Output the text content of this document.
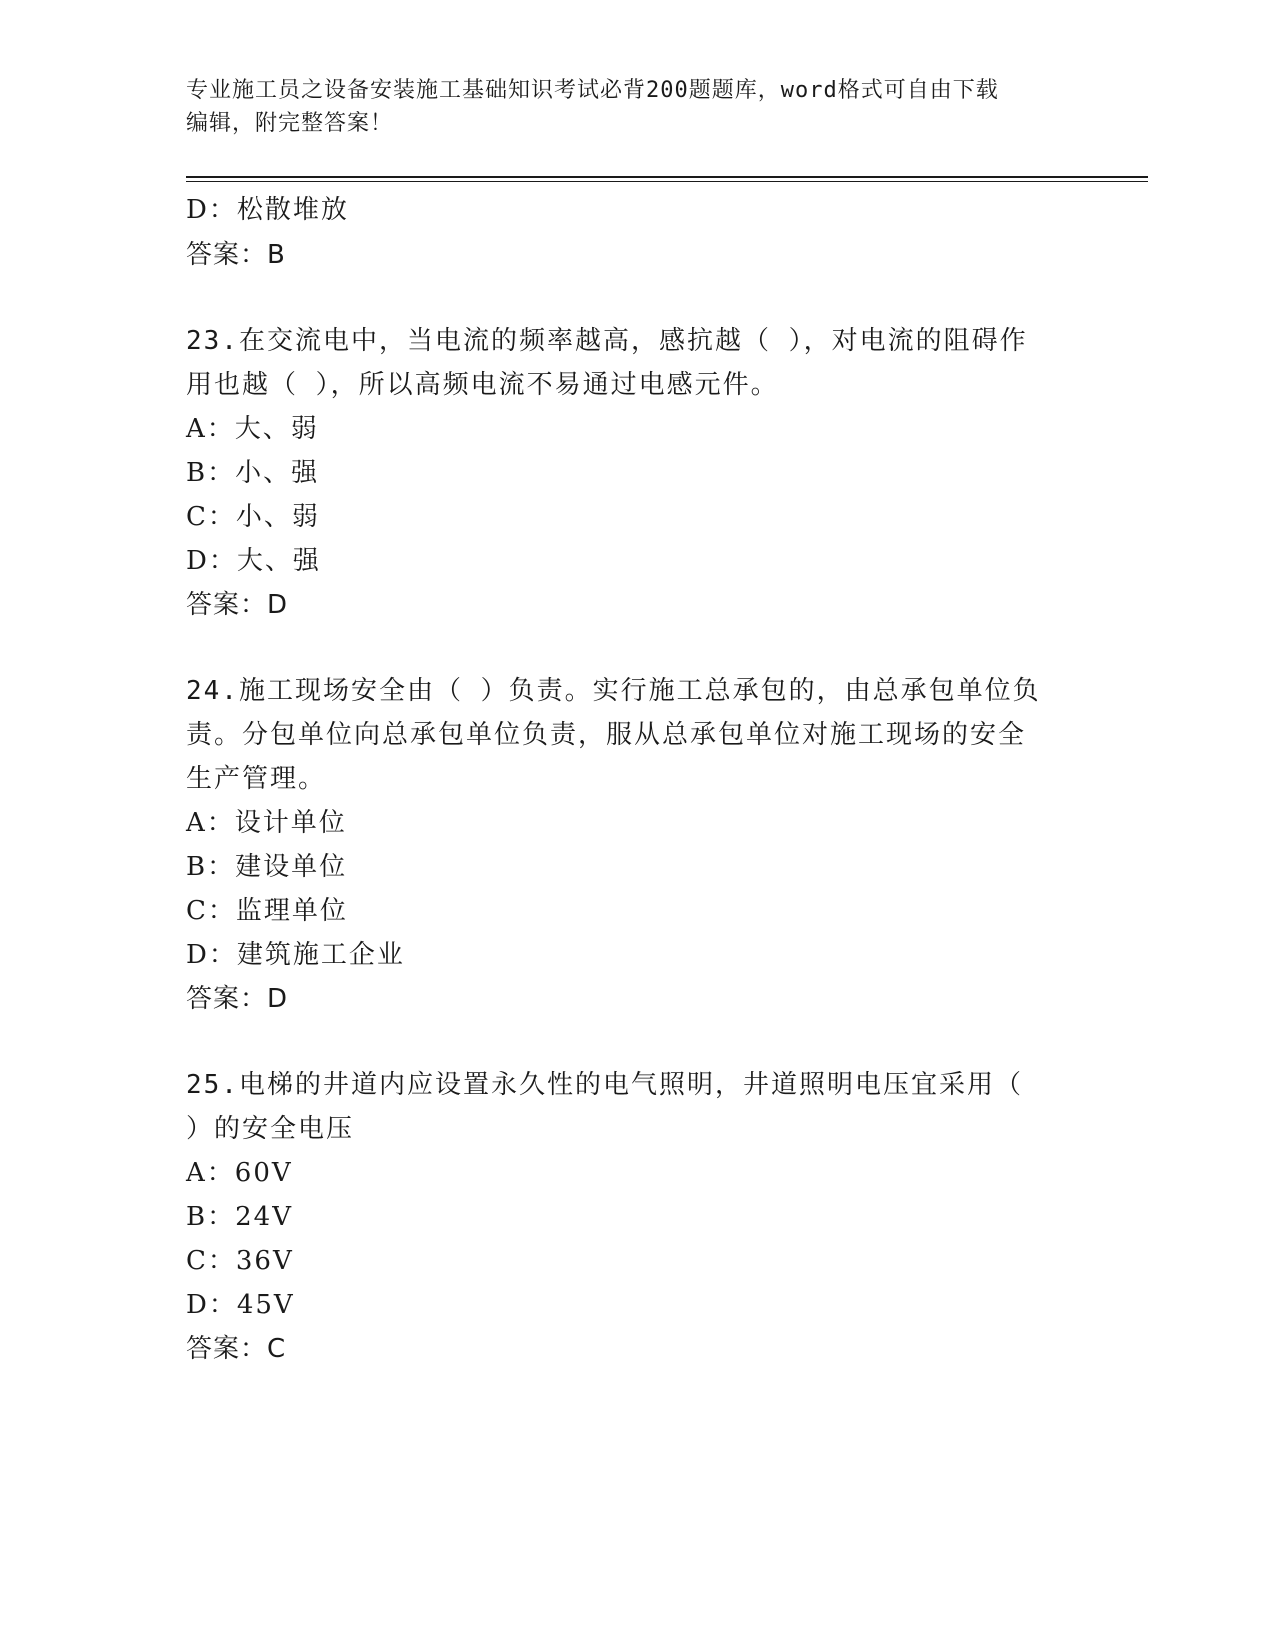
专业施工员之设备安装施工基础知识考试必背200题题库，word格式可自由下载
编辑，附完整答案！
D：松散堆放
答案：B
23.在交流电中，当电流的频率越高，感抗越（ ），对电流的阻碍作
用也越（ ），所以高频电流不易通过电感元件。
A：大、弱
B：小、强
C：小、弱
D：大、强
答案：D
24.施工现场安全由（ ）负责。实行施工总承包的，由总承包单位负
责。分包单位向总承包单位负责，服从总承包单位对施工现场的安全
生产管理。
A：设计单位
B：建设单位
C：监理单位
D：建筑施工企业
答案：D
25.电梯的井道内应设置永久性的电气照明，井道照明电压宜采用（
）的安全电压
A：60V
B：24V
C：36V
D：45V
答案：C
